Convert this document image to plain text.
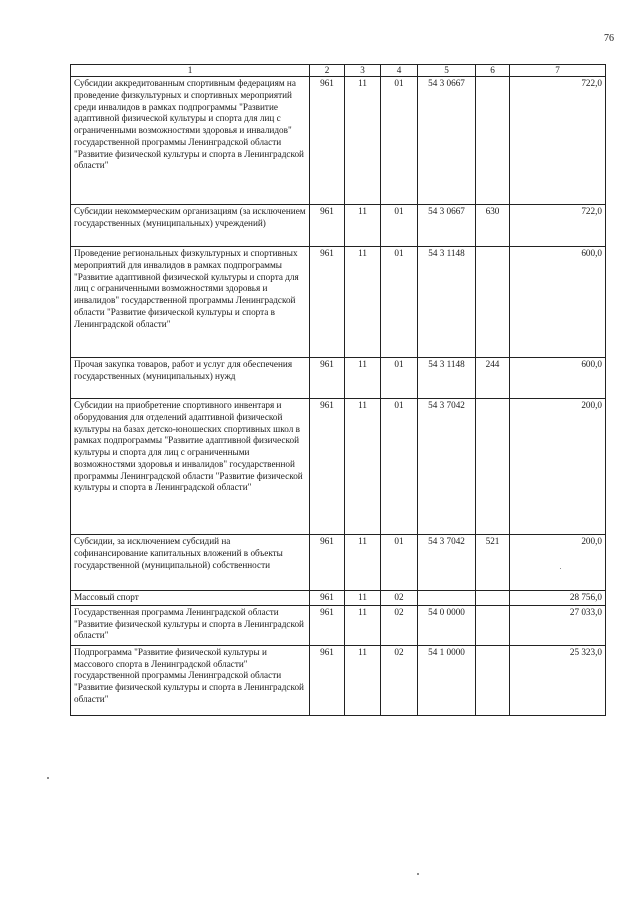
76
1	2	3	4	5	6	7
Субсидии аккредитованным спортивным федерациям на проведение физкультурных и спортивных мероприятий среди инвалидов в рамках подпрограммы "Развитие адаптивной физической культуры и спорта для лиц с ограниченными возможностями здоровья и инвалидов" государственной программы Ленинградской области "Развитие физической культуры и спорта в Ленинградской области"	961	11	01	54 3 0667		722,0
Субсидии некоммерческим организациям (за исключением государственных (муниципальных) учреждений)	961	11	01	54 3 0667	630	722,0
Проведение региональных физкультурных и спортивных мероприятий для инвалидов в рамках подпрограммы "Развитие адаптивной физической культуры и спорта для лиц с ограниченными возможностями здоровья и инвалидов" государственной программы Ленинградской области "Развитие физической культуры и спорта в Ленинградской области"	961	11	01	54 3 1148		600,0
Прочая закупка товаров, работ и услуг для обеспечения государственных (муниципальных) нужд	961	11	01	54 3 1148	244	600,0
Субсидии на приобретение спортивного инвентаря и оборудования для отделений адаптивной физической культуры на базах детско-юношеских спортивных школ в рамках подпрограммы "Развитие адаптивной физической культуры и спорта для лиц с ограниченными возможностями здоровья и инвалидов" государственной программы Ленинградской области "Развитие физической культуры и спорта в Ленинградской области"	961	11	01	54 3 7042		200,0
Субсидии, за исключением субсидий на софинансирование капитальных вложений в объекты государственной (муниципальной) собственности	961	11	01	54 3 7042	521	200,0
Массовый спорт	961	11	02			28 756,0
Государственная программа Ленинградской области "Развитие физической культуры и спорта в Ленинградской области"	961	11	02	54 0 0000		27 033,0
Подпрограмма "Развитие физической культуры и массового спорта в Ленинградской области" государственной программы Ленинградской области "Развитие физической культуры и спорта в Ленинградской области"	961	11	02	54 1 0000		25 323,0
